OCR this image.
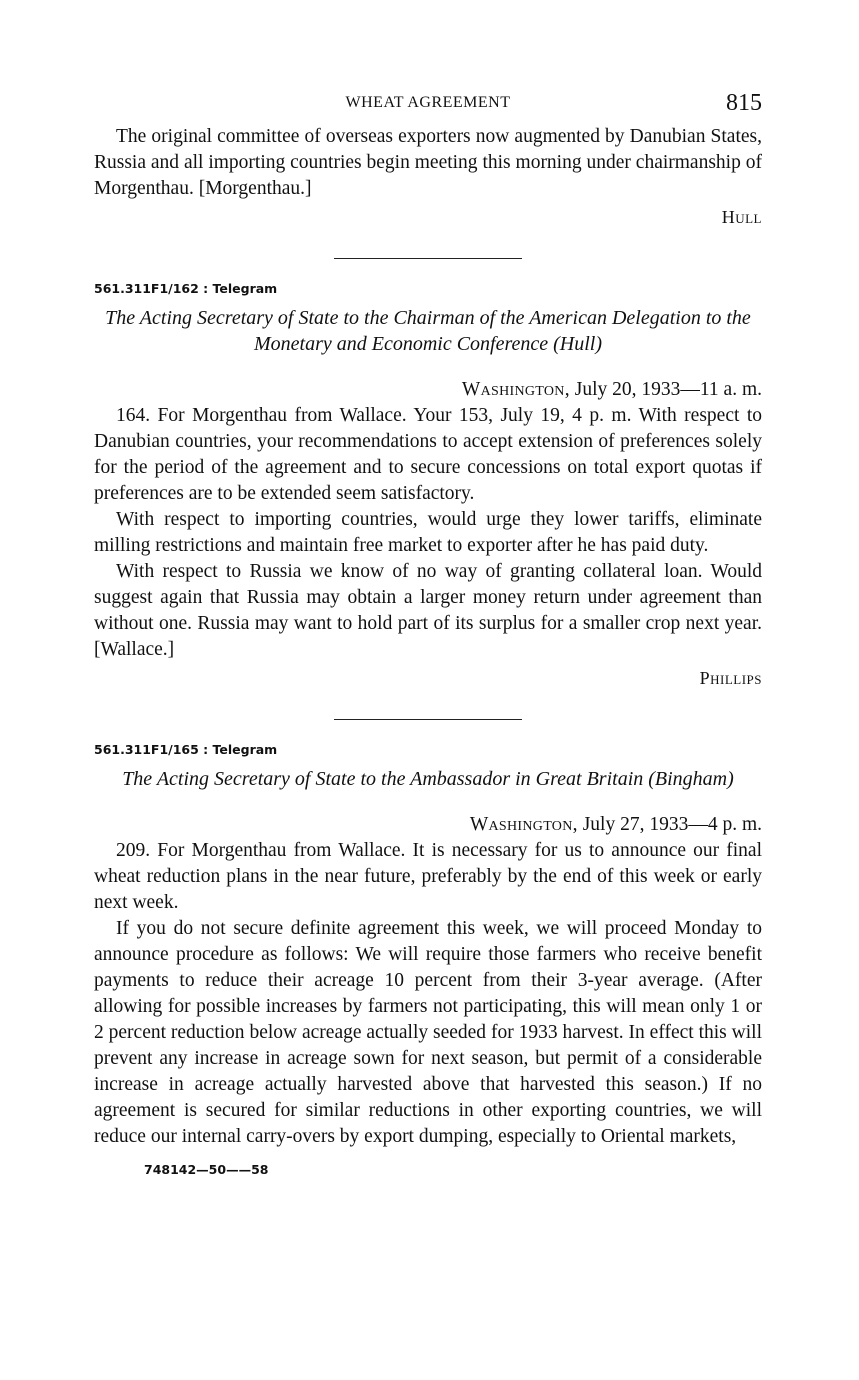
WHEAT AGREEMENT	815

The original committee of overseas exporters now augmented by Danubian States, Russia and all importing countries begin meeting this morning under chairmanship of Morgenthau. [Morgenthau.]

Hull
561.311F1/162 : Telegram
The Acting Secretary of State to the Chairman of the American Delegation to the Monetary and Economic Conference (Hull)
Washington, July 20, 1933—11 a. m.

164. For Morgenthau from Wallace. Your 153, July 19, 4 p. m. With respect to Danubian countries, your recommendations to accept extension of preferences solely for the period of the agreement and to secure concessions on total export quotas if preferences are to be extended seem satisfactory.

With respect to importing countries, would urge they lower tariffs, eliminate milling restrictions and maintain free market to exporter after he has paid duty.

With respect to Russia we know of no way of granting collateral loan. Would suggest again that Russia may obtain a larger money return under agreement than without one. Russia may want to hold part of its surplus for a smaller crop next year. [Wallace.]

Phillips
561.311F1/165 : Telegram
The Acting Secretary of State to the Ambassador in Great Britain (Bingham)
Washington, July 27, 1933—4 p. m.

209. For Morgenthau from Wallace. It is necessary for us to announce our final wheat reduction plans in the near future, preferably by the end of this week or early next week.

If you do not secure definite agreement this week, we will proceed Monday to announce procedure as follows: We will require those farmers who receive benefit payments to reduce their acreage 10 percent from their 3-year average. (After allowing for possible increases by farmers not participating, this will mean only 1 or 2 percent reduction below acreage actually seeded for 1933 harvest. In effect this will prevent any increase in acreage sown for next season, but permit of a considerable increase in acreage actually harvested above that harvested this season.) If no agreement is secured for similar reductions in other exporting countries, we will reduce our internal carry-overs by export dumping, especially to Oriental markets,

748142—50——58
